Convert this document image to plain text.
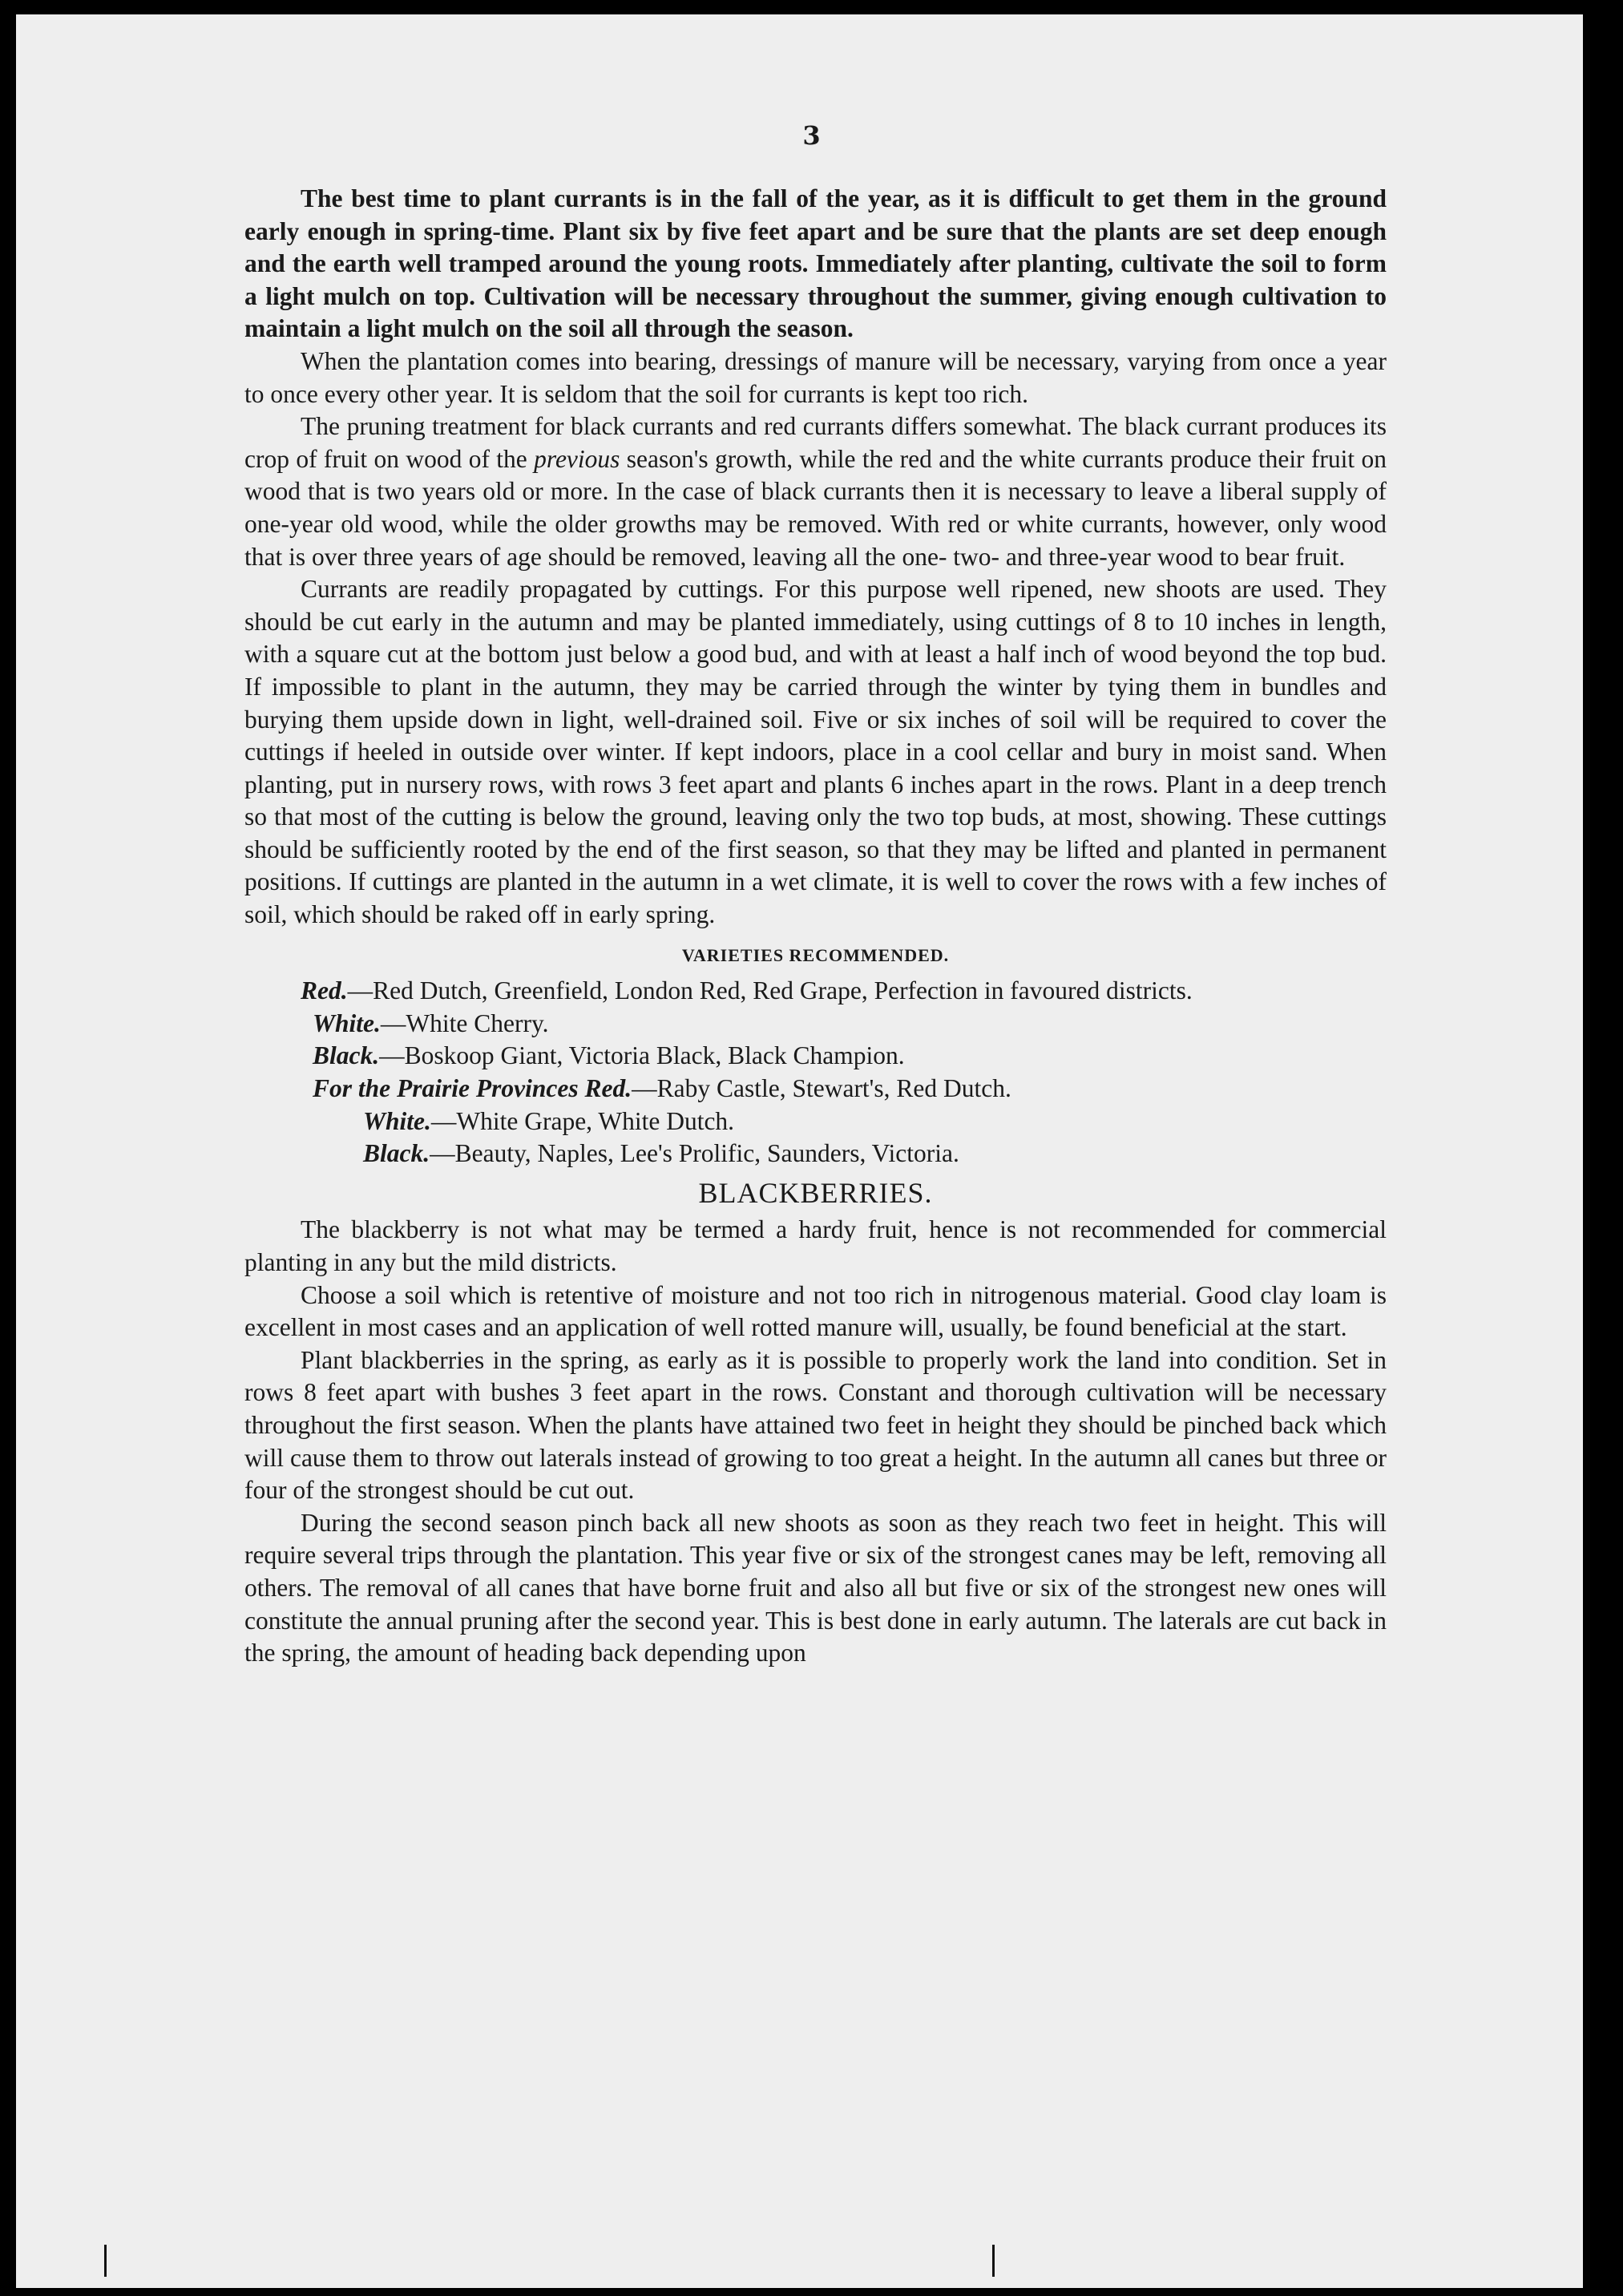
3

The best time to plant currants is in the fall of the year, as it is difficult to get them in the ground early enough in spring-time. Plant six by five feet apart and be sure that the plants are set deep enough and the earth well tramped around the young roots. Immediately after planting, cultivate the soil to form a light mulch on top. Cultivation will be necessary throughout the summer, giving enough cultivation to maintain a light mulch on the soil all through the season.

When the plantation comes into bearing, dressings of manure will be necessary, varying from once a year to once every other year. It is seldom that the soil for currants is kept too rich.

The pruning treatment for black currants and red currants differs somewhat. The black currant produces its crop of fruit on wood of the previous season's growth, while the red and the white currants produce their fruit on wood that is two years old or more. In the case of black currants then it is necessary to leave a liberal supply of one-year old wood, while the older growths may be removed. With red or white currants, however, only wood that is over three years of age should be removed, leaving all the one- two- and three-year wood to bear fruit.

Currants are readily propagated by cuttings. For this purpose well ripened, new shoots are used. They should be cut early in the autumn and may be planted immediately, using cuttings of 8 to 10 inches in length, with a square cut at the bottom just below a good bud, and with at least a half inch of wood beyond the top bud. If impossible to plant in the autumn, they may be carried through the winter by tying them in bundles and burying them upside down in light, well-drained soil. Five or six inches of soil will be required to cover the cuttings if heeled in outside over winter. If kept indoors, place in a cool cellar and bury in moist sand. When planting, put in nursery rows, with rows 3 feet apart and plants 6 inches apart in the rows. Plant in a deep trench so that most of the cutting is below the ground, leaving only the two top buds, at most, showing. These cuttings should be sufficiently rooted by the end of the first season, so that they may be lifted and planted in permanent positions. If cuttings are planted in the autumn in a wet climate, it is well to cover the rows with a few inches of soil, which should be raked off in early spring.

VARIETIES RECOMMENDED.
Red.—Red Dutch, Greenfield, London Red, Red Grape, Perfection in favoured districts.
White.—White Cherry.
Black.—Boskoop Giant, Victoria Black, Black Champion.
For the Prairie Provinces Red.—Raby Castle, Stewart's, Red Dutch.
White.—White Grape, White Dutch.
Black.—Beauty, Naples, Lee's Prolific, Saunders, Victoria.
BLACKBERRIES.

The blackberry is not what may be termed a hardy fruit, hence is not recommended for commercial planting in any but the mild districts.

Choose a soil which is retentive of moisture and not too rich in nitrogenous material. Good clay loam is excellent in most cases and an application of well rotted manure will, usually, be found beneficial at the start.

Plant blackberries in the spring, as early as it is possible to properly work the land into condition. Set in rows 8 feet apart with bushes 3 feet apart in the rows. Constant and thorough cultivation will be necessary throughout the first season. When the plants have attained two feet in height they should be pinched back which will cause them to throw out laterals instead of growing to too great a height. In the autumn all canes but three or four of the strongest should be cut out.

During the second season pinch back all new shoots as soon as they reach two feet in height. This will require several trips through the plantation. This year five or six of the strongest canes may be left, removing all others. The removal of all canes that have borne fruit and also all but five or six of the strongest new ones will constitute the annual pruning after the second year. This is best done in early autumn. The laterals are cut back in the spring, the amount of heading back depending upon
